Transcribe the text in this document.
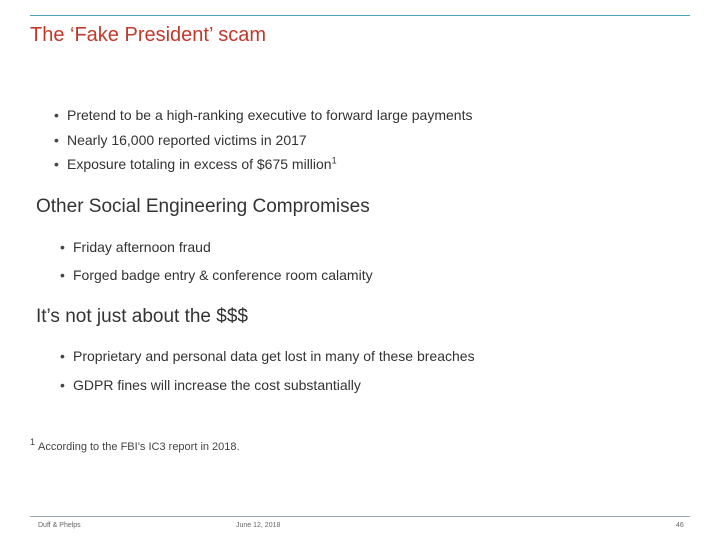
The ‘Fake President’ scam
• Pretend to be a high-ranking executive to forward large payments
• Nearly 16,000 reported victims in 2017
• Exposure totaling in excess of $675 million$^1$
Other Social Engineering Compromises
• Friday afternoon fraud
• Forged badge entry & conference room calamity
It’s not just about the $$$
• Proprietary and personal data get lost in many of these breaches
• GDPR fines will increase the cost substantially
$^1$ According to the FBI’s IC3 report in 2018.
Duff & Phelps	June 12, 2018	46
